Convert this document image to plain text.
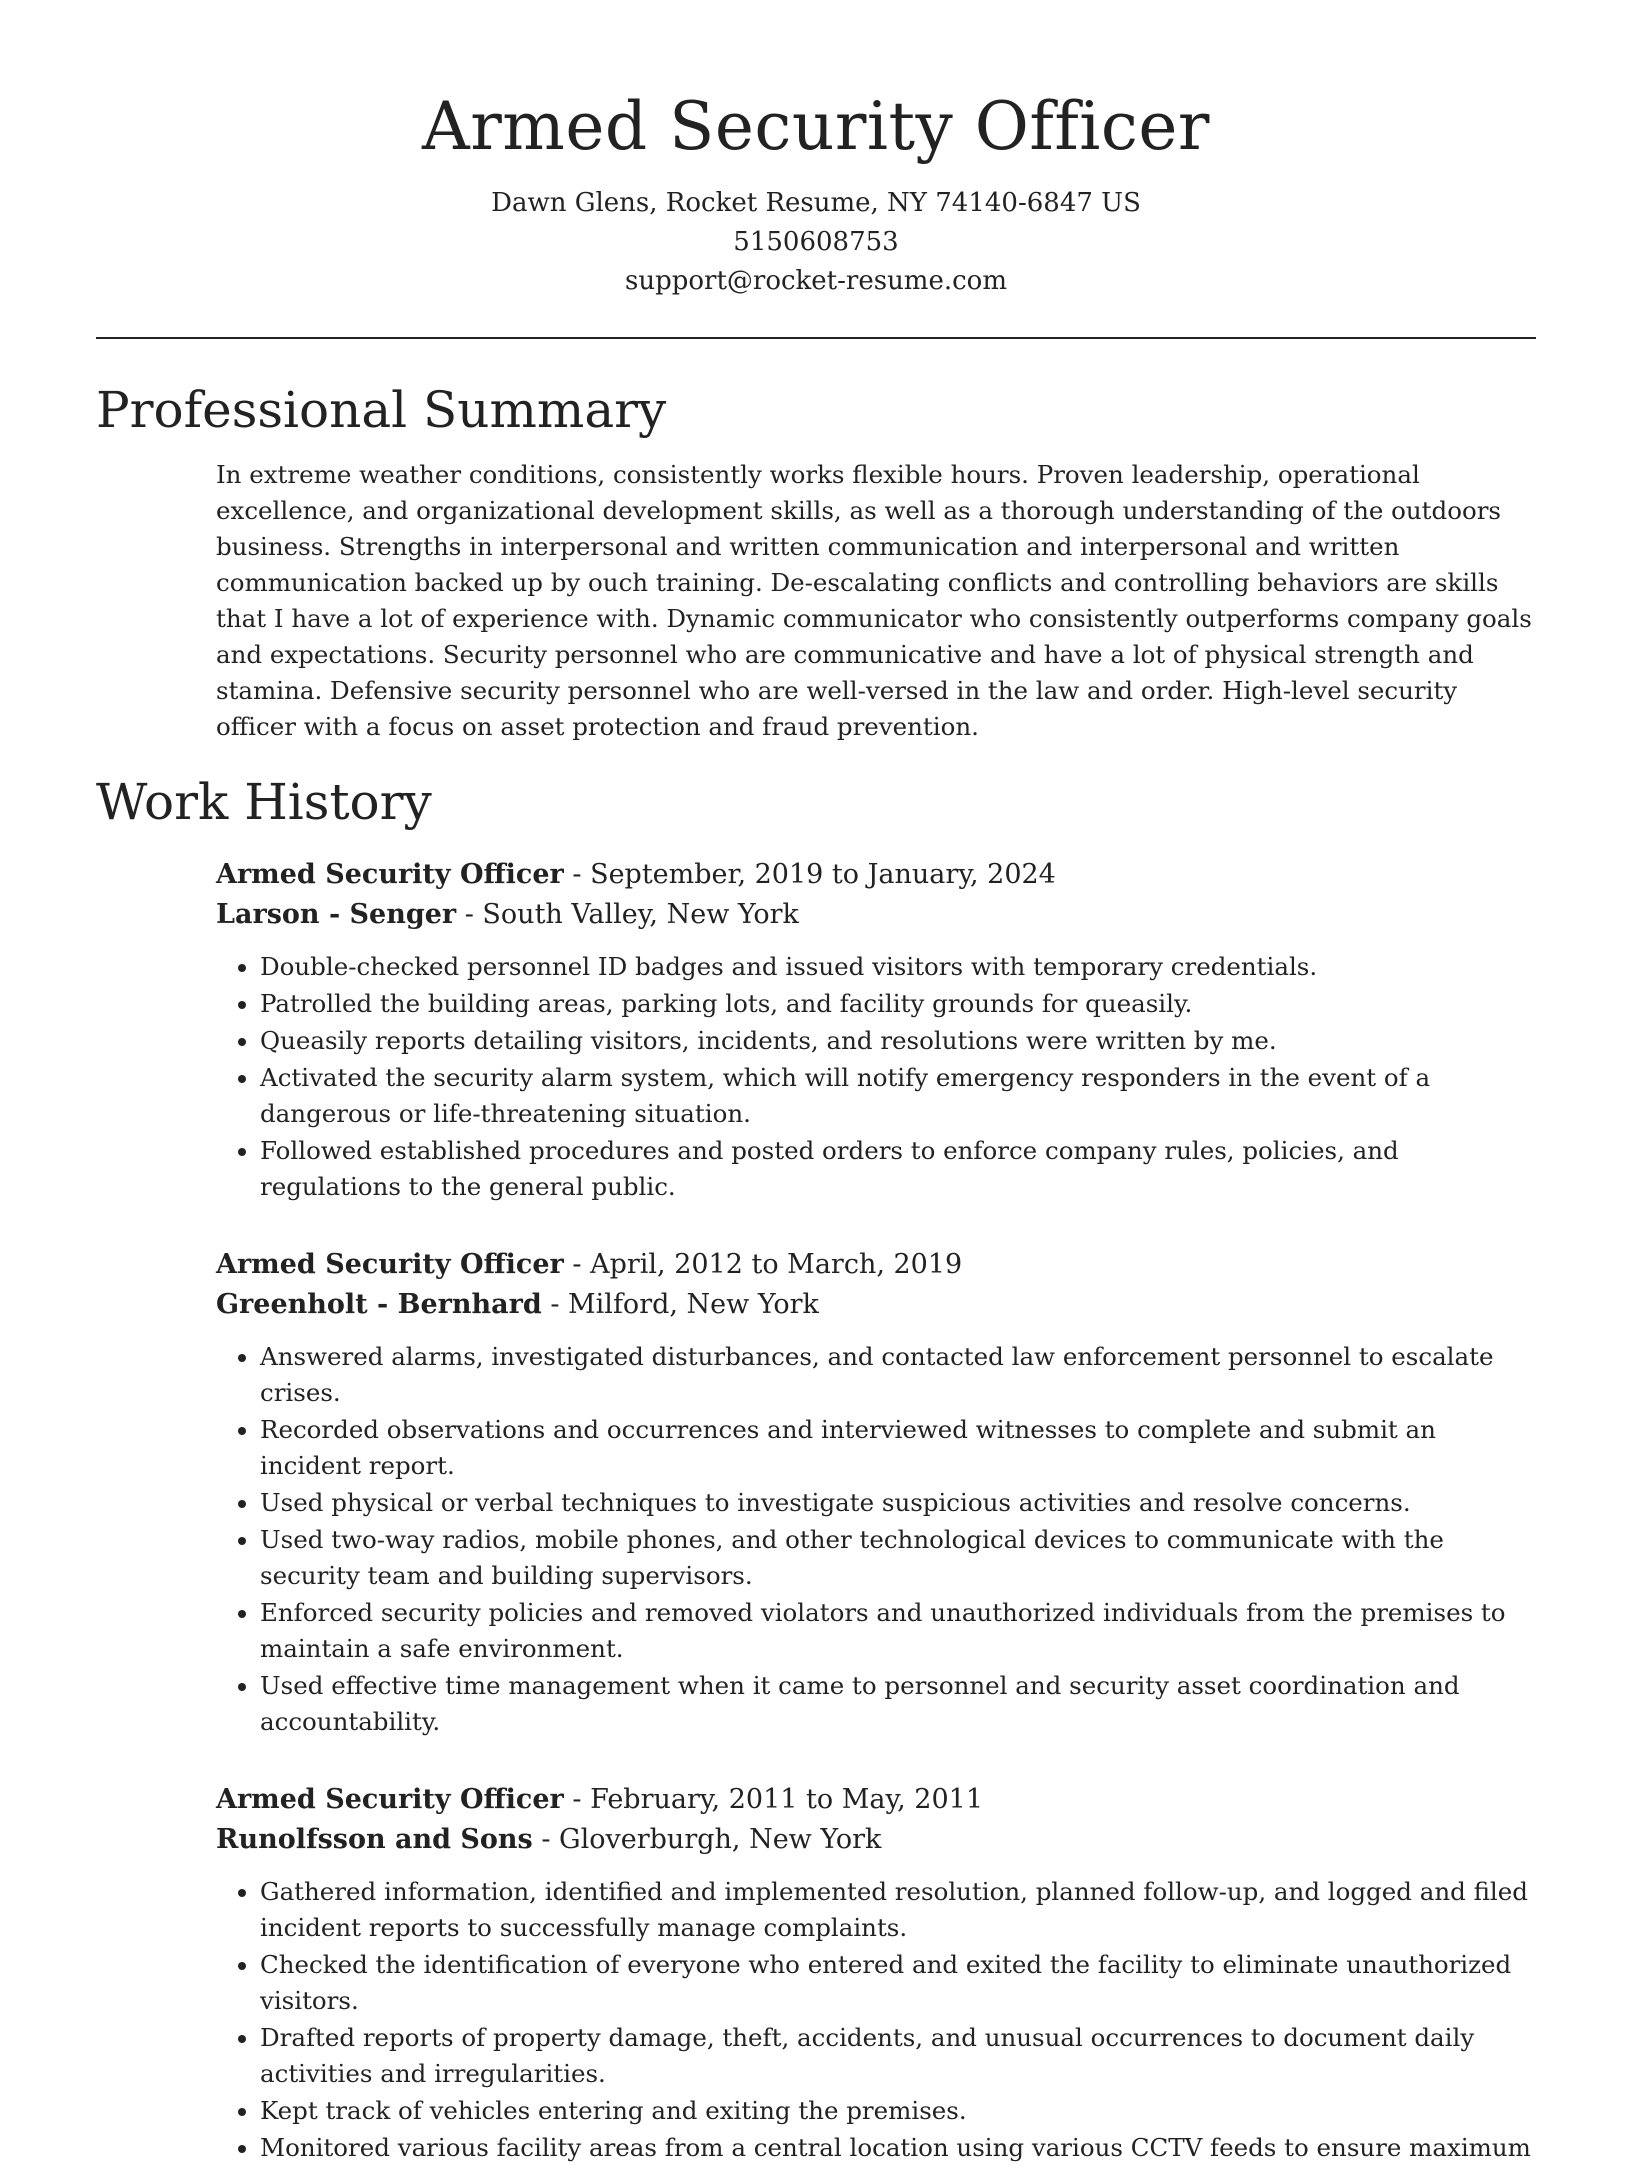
Armed Security Officer
Dawn Glens, Rocket Resume, NY 74140-6847 US
5150608753
support@rocket-resume.com
Professional Summary
In extreme weather conditions, consistently works flexible hours. Proven leadership, operational excellence, and organizational development skills, as well as a thorough understanding of the outdoors business. Strengths in interpersonal and written communication and interpersonal and written communication backed up by ouch training. De-escalating conflicts and controlling behaviors are skills that I have a lot of experience with. Dynamic communicator who consistently outperforms company goals and expectations. Security personnel who are communicative and have a lot of physical strength and stamina. Defensive security personnel who are well-versed in the law and order. High-level security officer with a focus on asset protection and fraud prevention.
Work History
Armed Security Officer - September, 2019 to January, 2024
Larson - Senger - South Valley, New York
• Double-checked personnel ID badges and issued visitors with temporary credentials.
• Patrolled the building areas, parking lots, and facility grounds for queasily.
• Queasily reports detailing visitors, incidents, and resolutions were written by me.
• Activated the security alarm system, which will notify emergency responders in the event of a dangerous or life-threatening situation.
• Followed established procedures and posted orders to enforce company rules, policies, and regulations to the general public.
Armed Security Officer - April, 2012 to March, 2019
Greenholt - Bernhard - Milford, New York
• Answered alarms, investigated disturbances, and contacted law enforcement personnel to escalate crises.
• Recorded observations and occurrences and interviewed witnesses to complete and submit an incident report.
• Used physical or verbal techniques to investigate suspicious activities and resolve concerns.
• Used two-way radios, mobile phones, and other technological devices to communicate with the security team and building supervisors.
• Enforced security policies and removed violators and unauthorized individuals from the premises to maintain a safe environment.
• Used effective time management when it came to personnel and security asset coordination and accountability.
Armed Security Officer - February, 2011 to May, 2011
Runolfsson and Sons - Gloverburgh, New York
• Gathered information, identified and implemented resolution, planned follow-up, and logged and filed incident reports to successfully manage complaints.
• Checked the identification of everyone who entered and exited the facility to eliminate unauthorized visitors.
• Drafted reports of property damage, theft, accidents, and unusual occurrences to document daily activities and irregularities.
• Kept track of vehicles entering and exiting the premises.
• Monitored various facility areas from a central location using various CCTV feeds to ensure maximum
